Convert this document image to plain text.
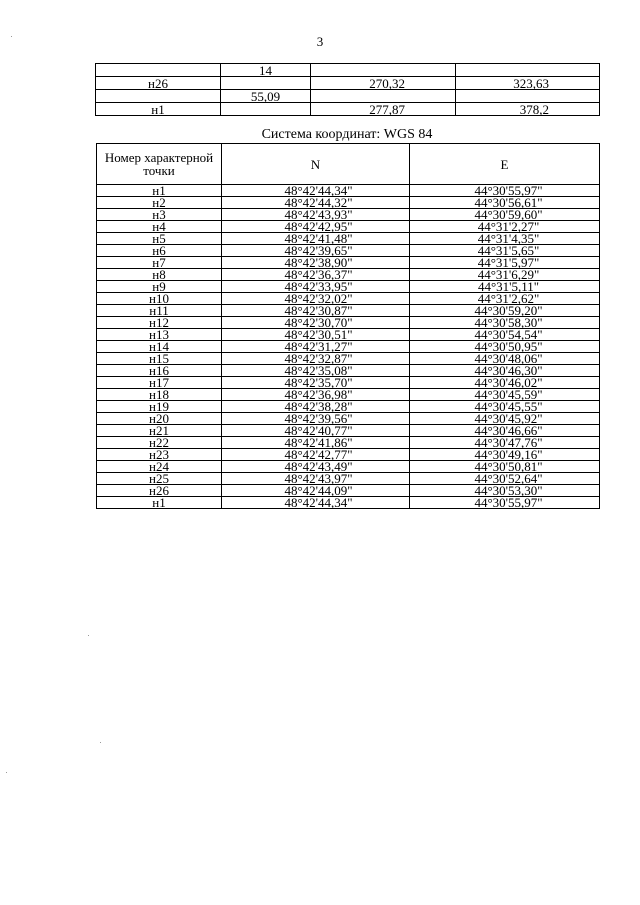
3
	14		
н26		270,32	323,63
	55,09		
н1		277,87	378,2
Система координат: WGS 84
Номер характерной точки	N	E
н1	48°42'44,34"	44°30'55,97"
н2	48°42'44,32"	44°30'56,61"
н3	48°42'43,93"	44°30'59,60"
н4	48°42'42,95"	44°31'2,27"
н5	48°42'41,48"	44°31'4,35"
н6	48°42'39,65"	44°31'5,65"
н7	48°42'38,90"	44°31'5,97"
н8	48°42'36,37"	44°31'6,29"
н9	48°42'33,95"	44°31'5,11"
н10	48°42'32,02"	44°31'2,62"
н11	48°42'30,87"	44°30'59,20"
н12	48°42'30,70"	44°30'58,30"
н13	48°42'30,51"	44°30'54,54"
н14	48°42'31,27"	44°30'50,95"
н15	48°42'32,87"	44°30'48,06"
н16	48°42'35,08"	44°30'46,30"
н17	48°42'35,70"	44°30'46,02"
н18	48°42'36,98"	44°30'45,59"
н19	48°42'38,28"	44°30'45,55"
н20	48°42'39,56"	44°30'45,92"
н21	48°42'40,77"	44°30'46,66"
н22	48°42'41,86"	44°30'47,76"
н23	48°42'42,77"	44°30'49,16"
н24	48°42'43,49"	44°30'50,81"
н25	48°42'43,97"	44°30'52,64"
н26	48°42'44,09"	44°30'53,30"
н1	48°42'44,34"	44°30'55,97"
